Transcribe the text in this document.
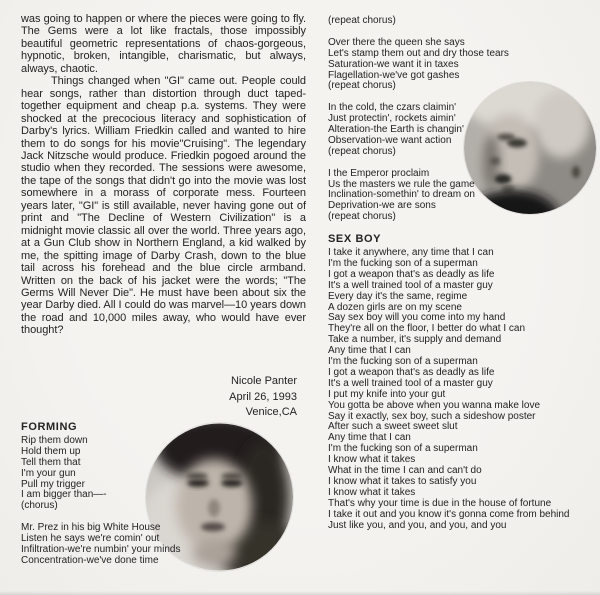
was going to happen or where the pieces were going to fly. The Gems were a lot like fractals, those impossibly beautiful geometric representations of chaos-gorgeous, hypnotic, broken, intangible, charismatic, but always, always, chaotic.

Things changed when "GI" came out. People could hear songs, rather than distortion through duct taped-together equipment and cheap p.a. systems. They were shocked at the precocious literacy and sophistication of Darby's lyrics. William Friedkin called and wanted to hire them to do songs for his movie"Cruising". The legendary Jack Nitzsche would produce. Friedkin pogoed around the studio when they recorded. The sessions were awesome, the tape of the songs that didn't go into the movie was lost somewhere in a morass of corporate mess. Fourteen years later, "GI" is still available, never having gone out of print and "The Decline of Western Civilization" is a midnight movie classic all over the world. Three years ago, at a Gun Club show in Northern England, a kid walked by me, the spitting image of Darby Crash, down to the blue tail across his forehead and the blue circle armband. Written on the back of his jacket were the words; "The Germs Will Never Die". He must have been about six the year Darby died. All I could do was marvel—10 years down the road and 10,000 miles away, who would have ever thought?

Nicole Panter
April 26, 1993
Venice,CA
FORMING
Rip them down
Hold them up
Tell them that
I'm your gun
Pull my trigger
I am bigger than—-
(chorus)
Mr. Prez in his big White House
Listen he says we're comin' out
Infiltration-we're numbin' your minds
Concentration-we've done time
(repeat chorus)
Over there the queen she says
Let's stamp them out and dry those tears
Saturation-we want it in taxes
Flagellation-we've got gashes
(repeat chorus)
In the cold, the czars claimin'
Just protectin', rockets aimin'
Alteration-the Earth is changin'
Observation-we want action
(repeat chorus)
I the Emperor proclaim
Us the masters we rule the game
Inclination-somethin' to dream on
Deprivation-we are sons
(repeat chorus)
SEX BOY
I take it anywhere, any time that I can
I'm the fucking son of a superman
I got a weapon that's as deadly as life
It's a well trained tool of a master guy
Every day it's the same, regime
A dozen girls are on my scene
Say sex boy will you come into my hand
They're all on the floor, I better do what I can
Take a number, it's supply and demand
Any time that I can
I'm the fucking son of a superman
I got a weapon that's as deadly as life
It's a well trained tool of a master guy
I put my knife into your gut
You gotta be above when you wanna make love
Say it exactly, sex boy, such a sideshow poster
After such a sweet sweet slut
Any time that I can
I'm the fucking son of a superman
I know what it takes
What in the time I can and can't do
I know what it takes to satisfy you
I know what it takes
That's why your time is due in the house of fortune
I take it out and you know it's gonna come from behind
Just like you, and you, and you, and you
